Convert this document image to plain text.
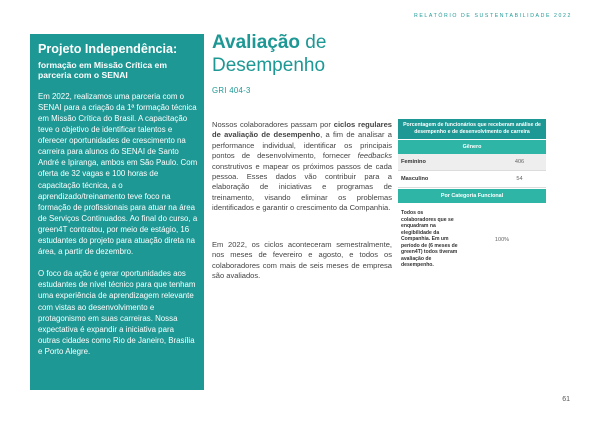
RELATÓRIO DE SUSTENTABILIDADE 2022
Projeto Independência:
formação em Missão Crítica em parceria com o SENAI
Em 2022, realizamos uma parceria com o SENAI para a criação da 1ª formação técnica em Missão Crítica do Brasil. A capacitação teve o objetivo de identificar talentos e oferecer oportunidades de crescimento na carreira para alunos do SENAI de Santo André e Ipiranga, ambos em São Paulo. Com oferta de 32 vagas e 100 horas de capacitação técnica, a o aprendizado/treinamento teve foco na formação de profissionais para atuar na área de Serviços Continuados. Ao final do curso, a green4T contratou, por meio de estágio, 16 estudantes do projeto para atuação direta na área, a partir de dezembro.
O foco da ação é gerar oportunidades aos estudantes de nível técnico para que tenham uma experiência de aprendizagem relevante com vistas ao desenvolvimento e protagonismo em suas carreiras. Nossa expectativa é expandir a iniciativa para outras cidades como Rio de Janeiro, Brasília e Porto Alegre.
Avaliação de
Desempenho
GRI 404-3
Nossos colaboradores passam por ciclos regulares de avaliação de desempenho, a fim de analisar a performance individual, identificar os principais pontos de desenvolvimento, fornecer feedbacks construtivos e mapear os próximos passos de cada pessoa. Esses dados vão contribuir para a elaboração de iniciativas e programas de treinamento, visando eliminar os problemas identificados e garantir o crescimento da Companhia.
Em 2022, os ciclos aconteceram semestralmente, nos meses de fevereiro e agosto, e todos os colaboradores com mais de seis meses de empresa são avaliados.
Porcentagem de funcionários que receberam análise de desempenho e de desenvolvimento de carreira
Gênero
Feminino	406
Masculino	54
Por Categoria Funcional
Todos os colaboradores que se enquadram na elegibilidade da Companhia. Em um período de (6 meses de green4T) todos tiveram avaliação de desempenho.
100%
61
